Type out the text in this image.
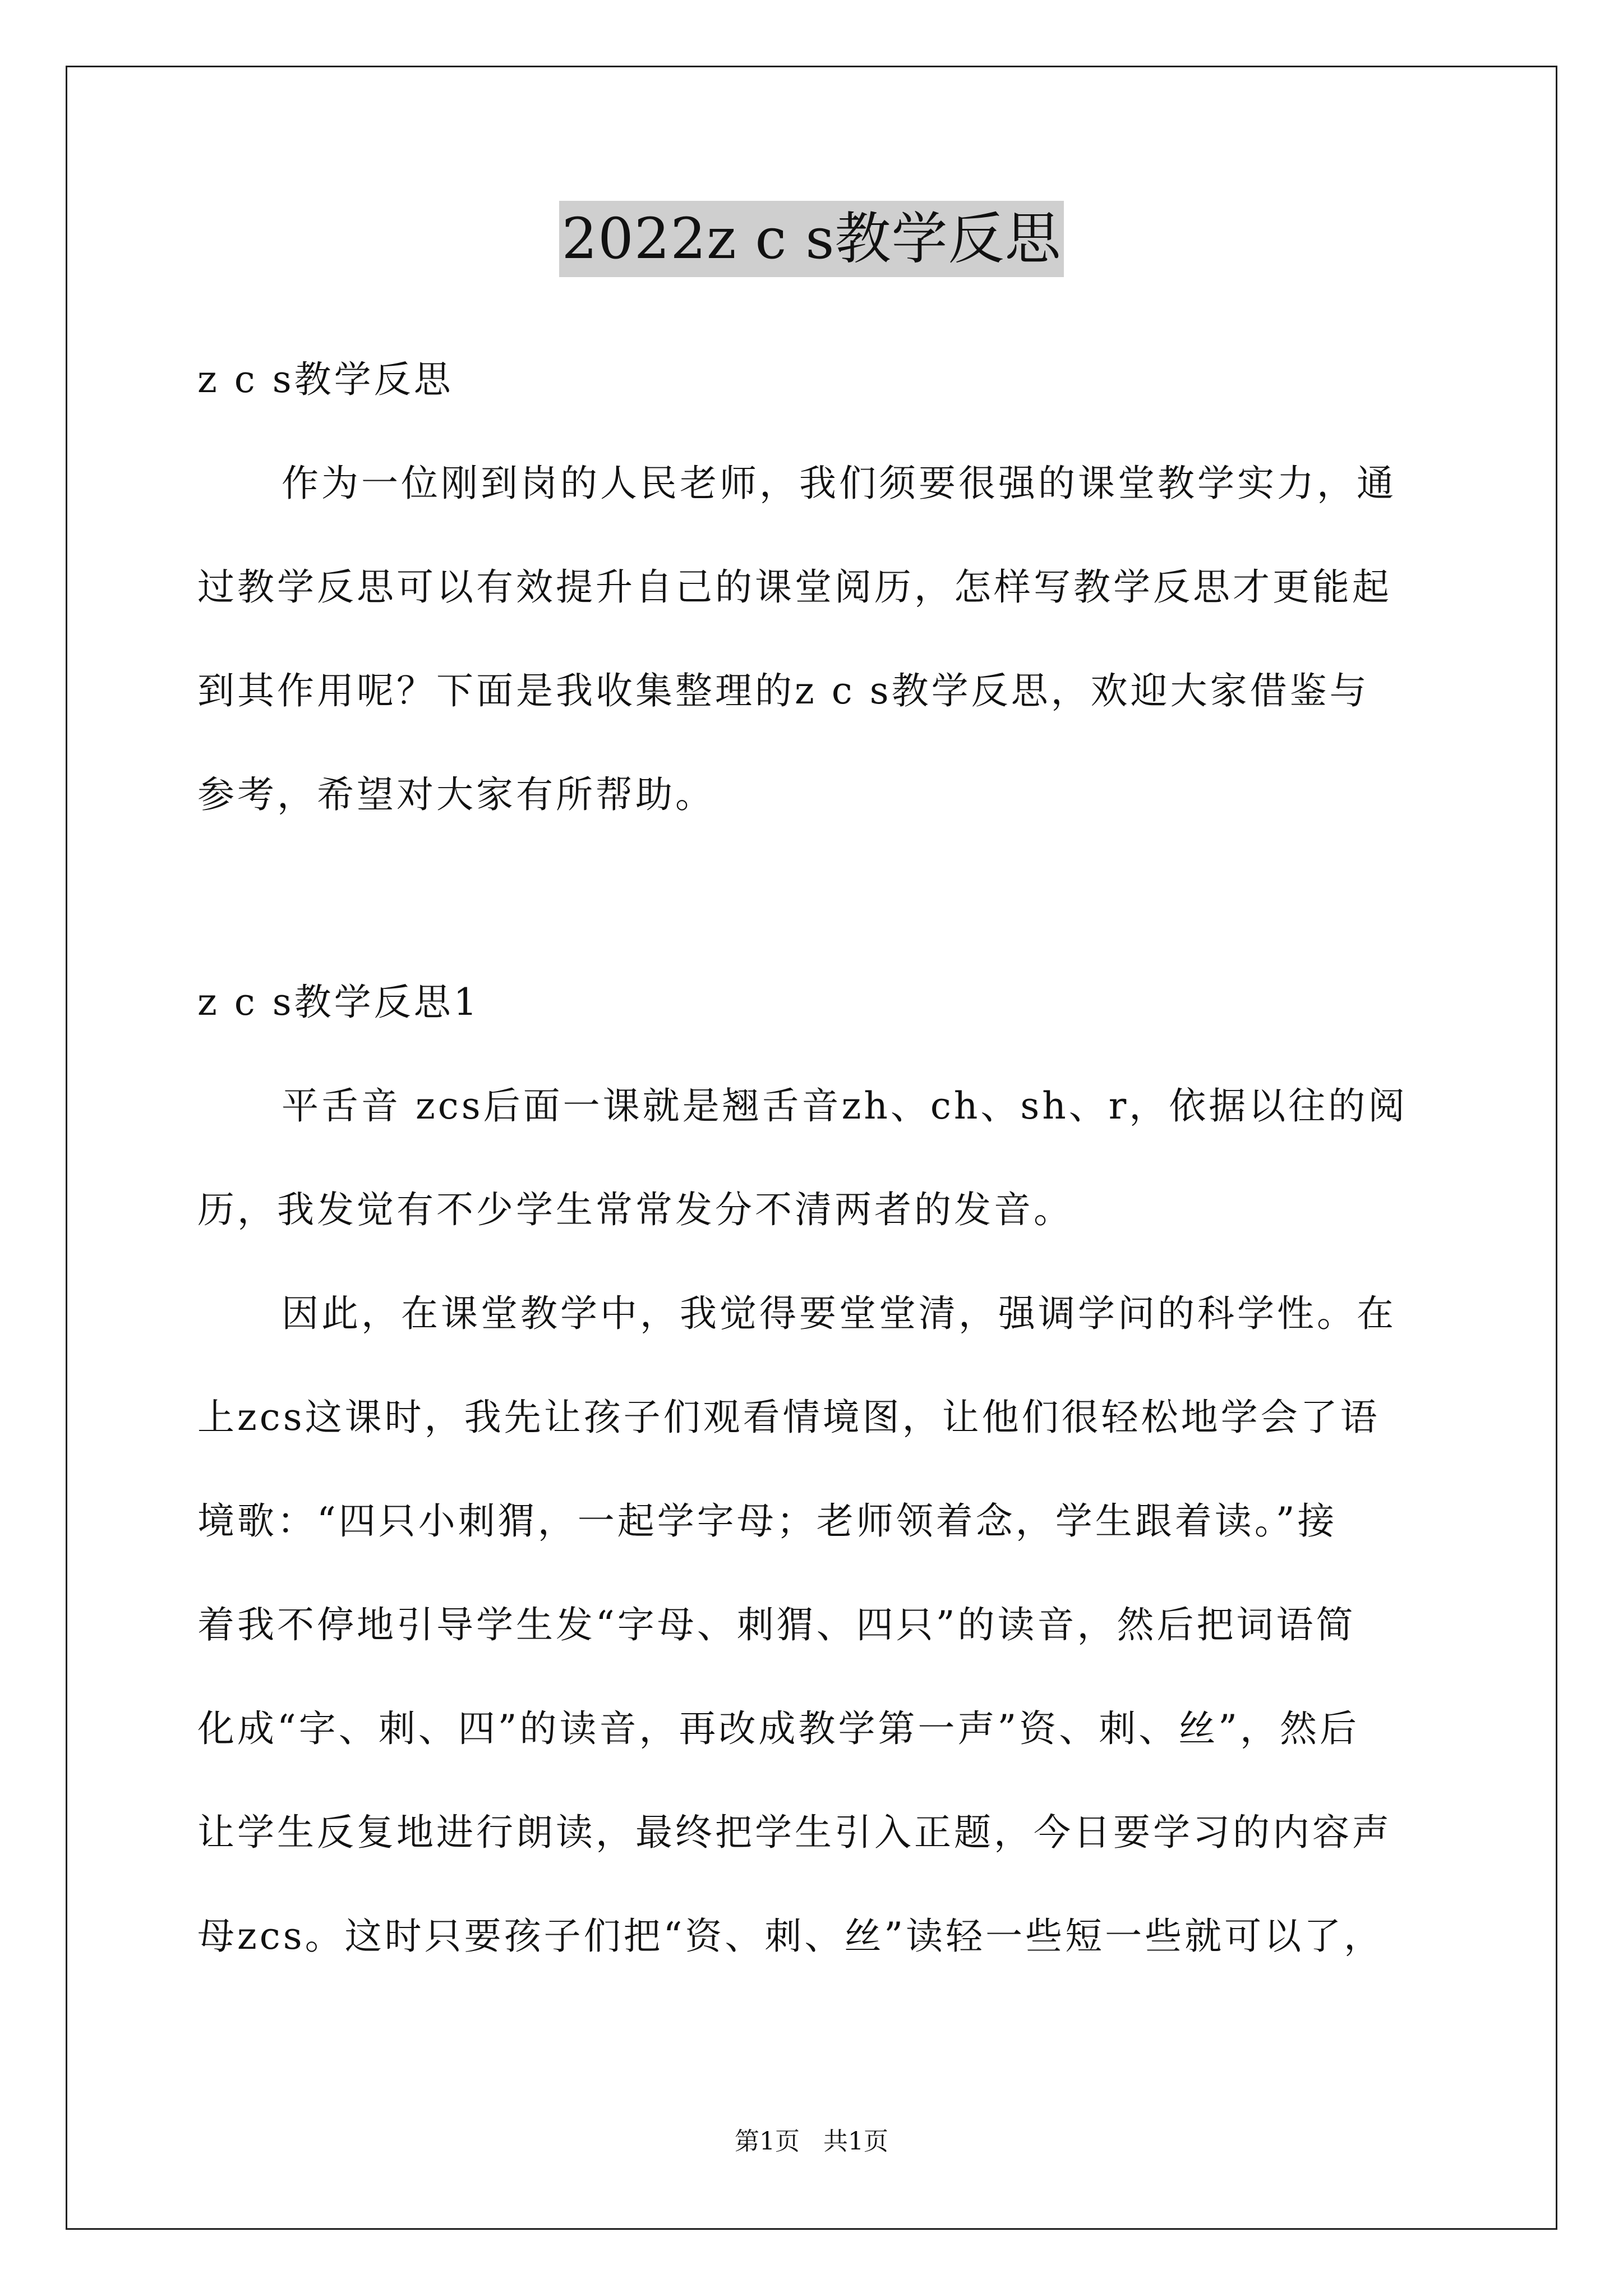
2022z c s教学反思
z c s教学反思
作为一位刚到岗的人民老师，我们须要很强的课堂教学实力，通
过教学反思可以有效提升自己的课堂阅历，怎样写教学反思才更能起
到其作用呢？下面是我收集整理的z c s教学反思，欢迎大家借鉴与
参考，希望对大家有所帮助。
z c s教学反思1
平舌音 zcs后面一课就是翘舌音zh、ch、sh、r，依据以往的阅
历，我发觉有不少学生常常发分不清两者的发音。
因此，在课堂教学中，我觉得要堂堂清，强调学问的科学性。在
上zcs这课时，我先让孩子们观看情境图，让他们很轻松地学会了语
境歌：“四只小刺猬，一起学字母；老师领着念，学生跟着读。”接
着我不停地引导学生发“字母、刺猬、四只”的读音，然后把词语简
化成“字、刺、四”的读音，再改成教学第一声”资、刺、丝”，然后
让学生反复地进行朗读，最终把学生引入正题，今日要学习的内容声
母zcs。这时只要孩子们把“资、刺、丝”读轻一些短一些就可以了，
第1页   共1页
